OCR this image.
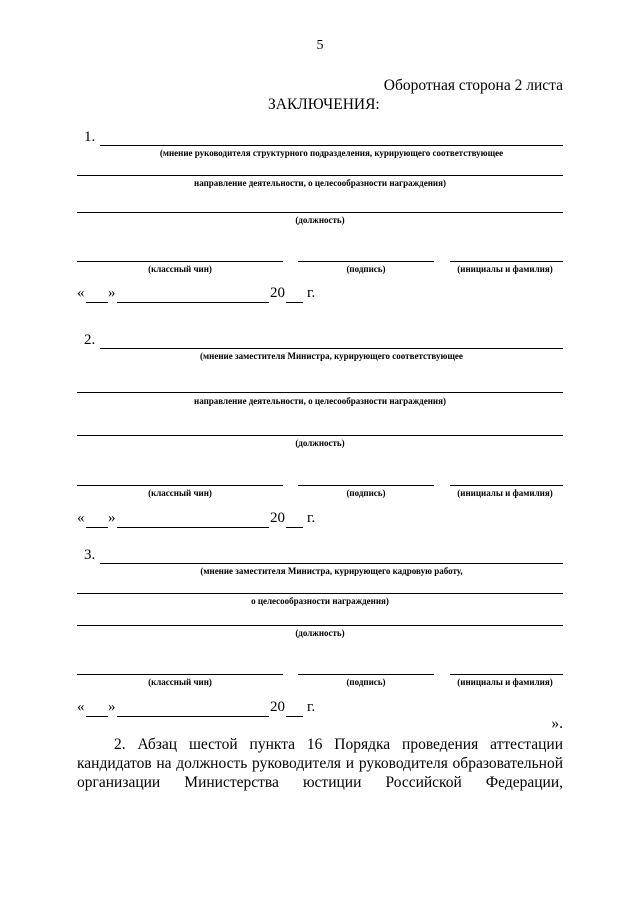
5
Оборотная сторона 2 листа
ЗАКЛЮЧЕНИЯ:
1.
(мнение руководителя структурного подразделения, курирующего соответствующее
направление деятельности, о целесообразности награждения)
(должность)
(классный чин)	(подпись)	(инициалы и фамилия)
« »	20 г.
2.
(мнение заместителя Министра, курирующего соответствующее
направление деятельности, о целесообразности награждения)
(должность)
(классный чин)	(подпись)	(инициалы и фамилия)
« »	20 г.
3.
(мнение заместителя Министра, курирующего кадровую работу,
о целесообразности награждения)
(должность)
(классный чин)	(подпись)	(инициалы и фамилия)
« »	20 г.
».
2. Абзац шестой пункта 16 Порядка проведения аттестации
кандидатов на должность руководителя и руководителя образовательной
организации Министерства юстиции Российской Федерации,
